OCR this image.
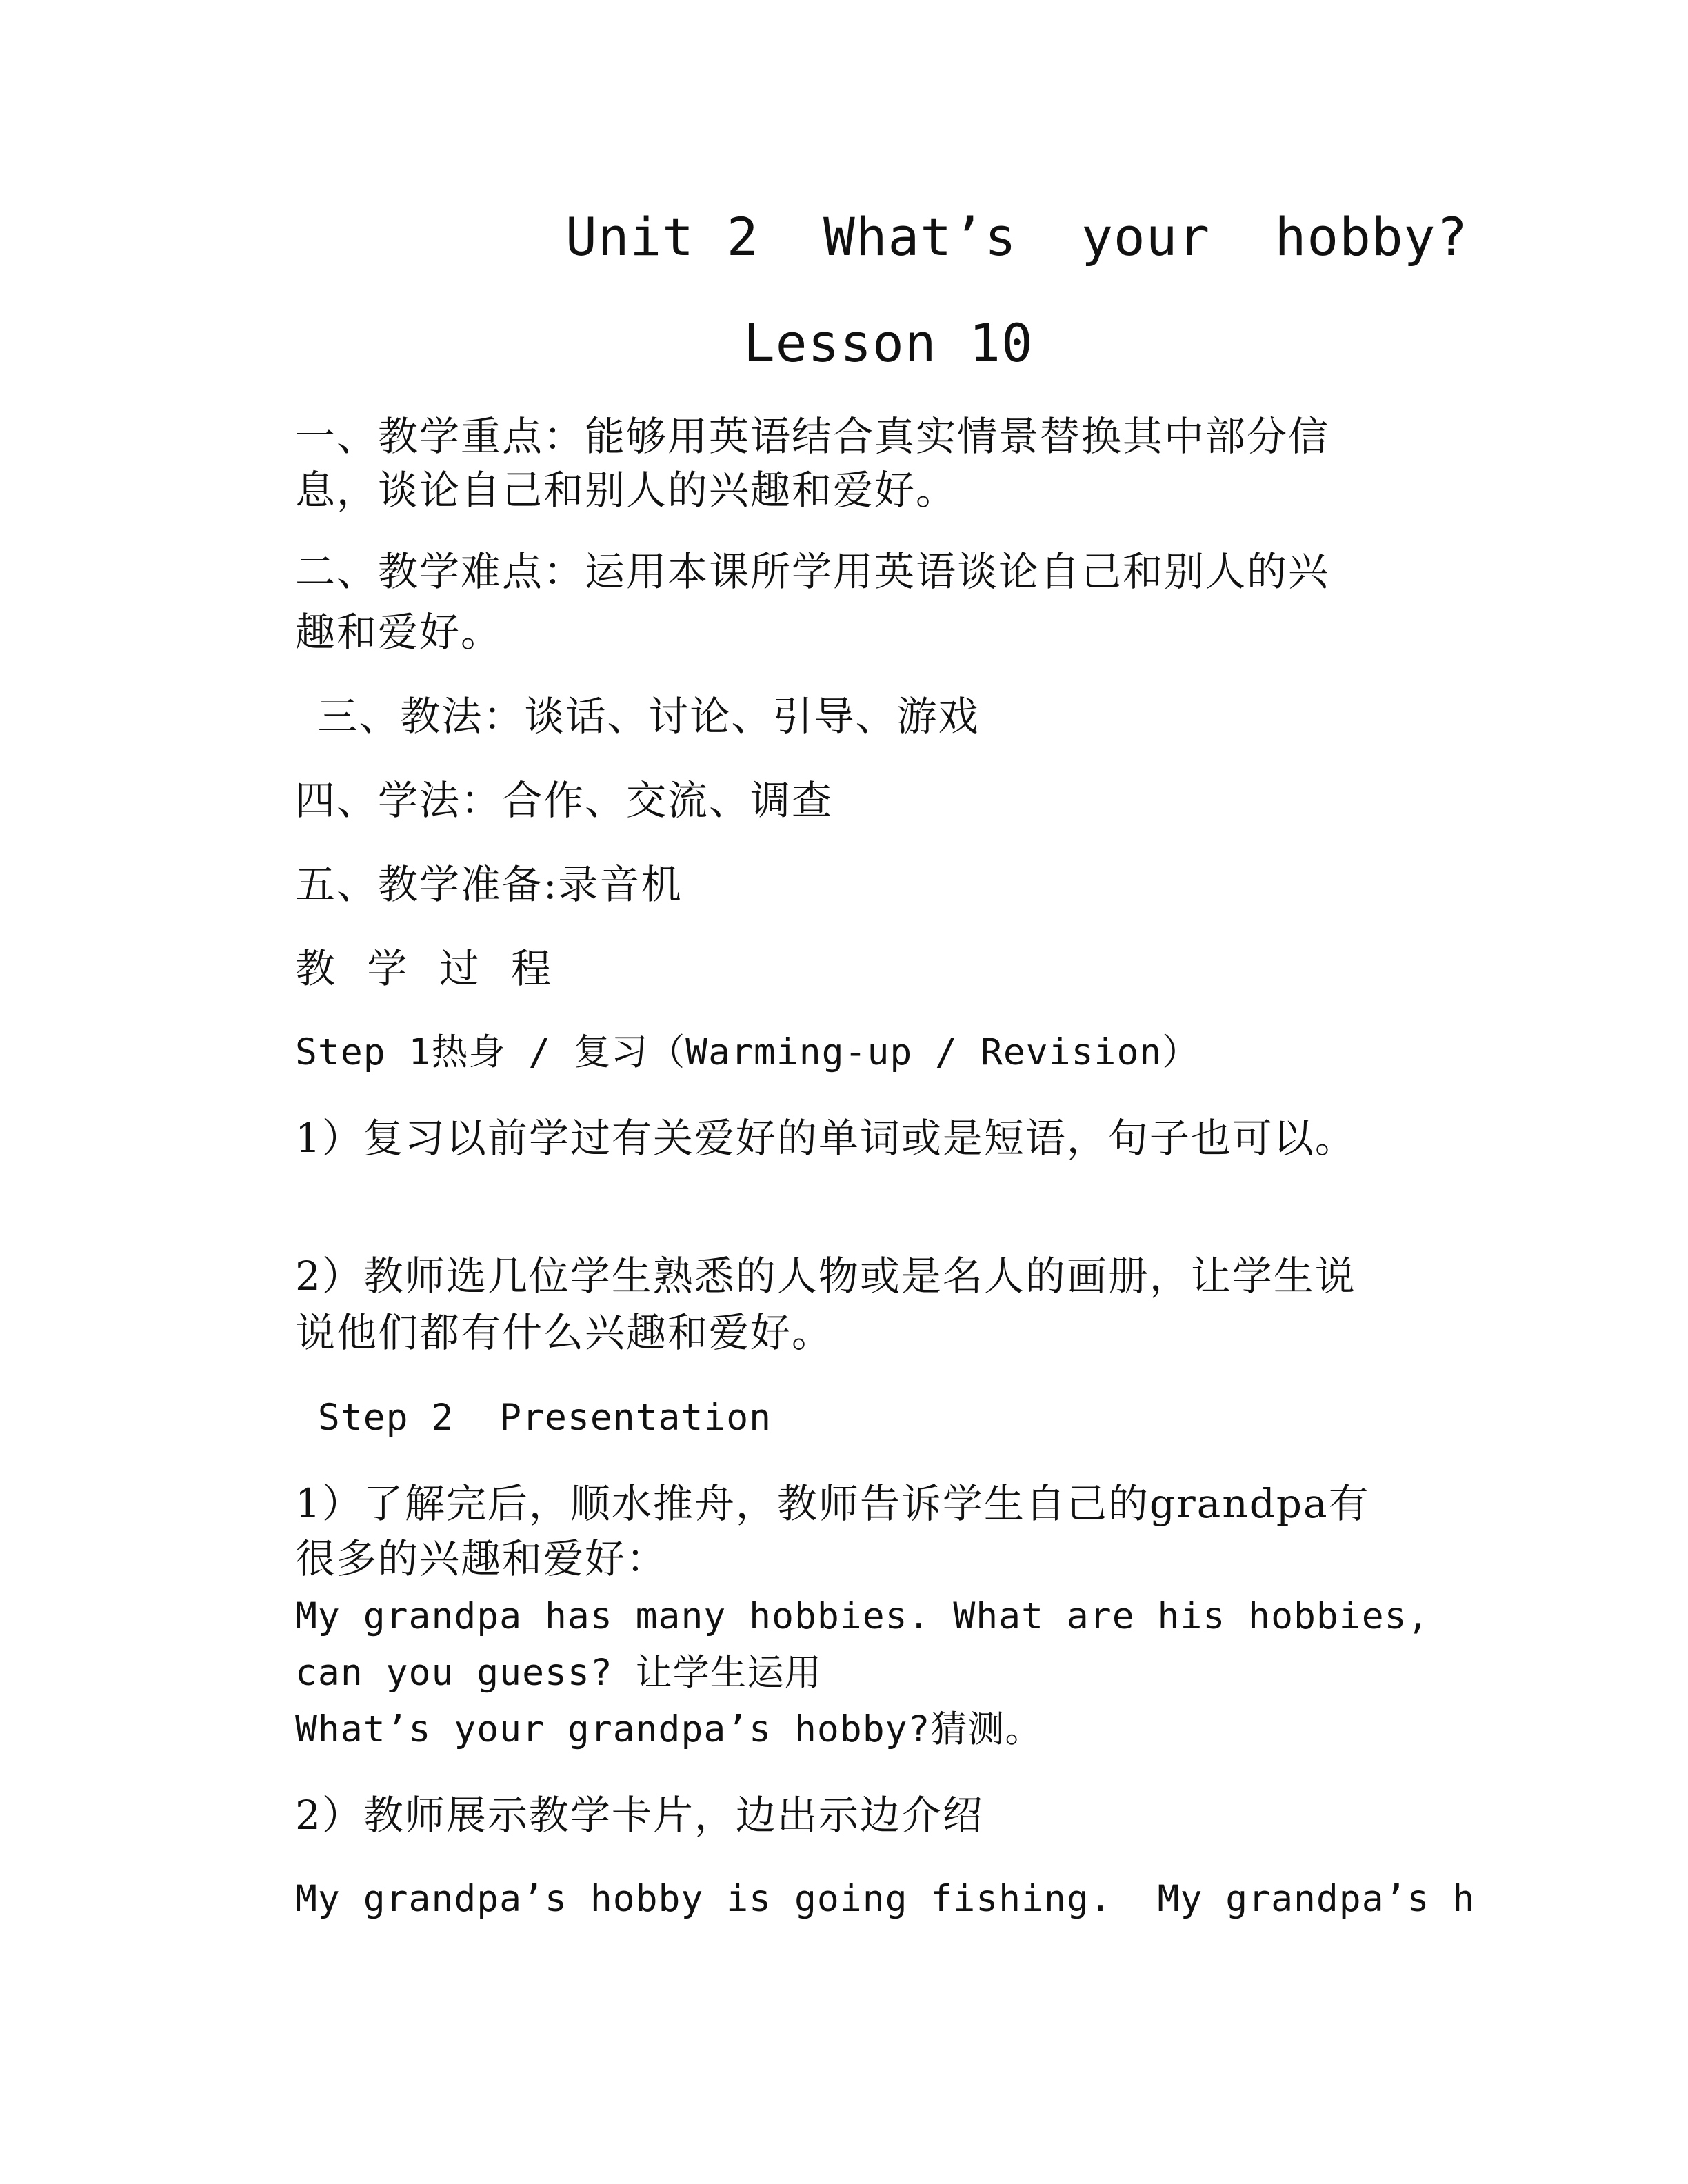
Unit 2  What’s  your  hobby?
Lesson 10
一、教学重点：能够用英语结合真实情景替换其中部分信
息，谈论自己和别人的兴趣和爱好。
二、教学难点：运用本课所学用英语谈论自己和别人的兴
趣和爱好。
三、教法：谈话、讨论、引导、游戏
四、学法：合作、交流、调查
五、教学准备:录音机
教 学 过 程
Step 1热身 / 复习（Warming-up / Revision）
1）复习以前学过有关爱好的单词或是短语，句子也可以。
2）教师选几位学生熟悉的人物或是名人的画册，让学生说
说他们都有什么兴趣和爱好。
Step 2  Presentation
1）了解完后，顺水推舟，教师告诉学生自己的grandpa有
很多的兴趣和爱好：
My grandpa has many hobbies. What are his hobbies,
can you guess? 让学生运用
What’s your grandpa’s hobby?猜测。
2）教师展示教学卡片，边出示边介绍
My grandpa’s hobby is going fishing.  My grandpa’s h
